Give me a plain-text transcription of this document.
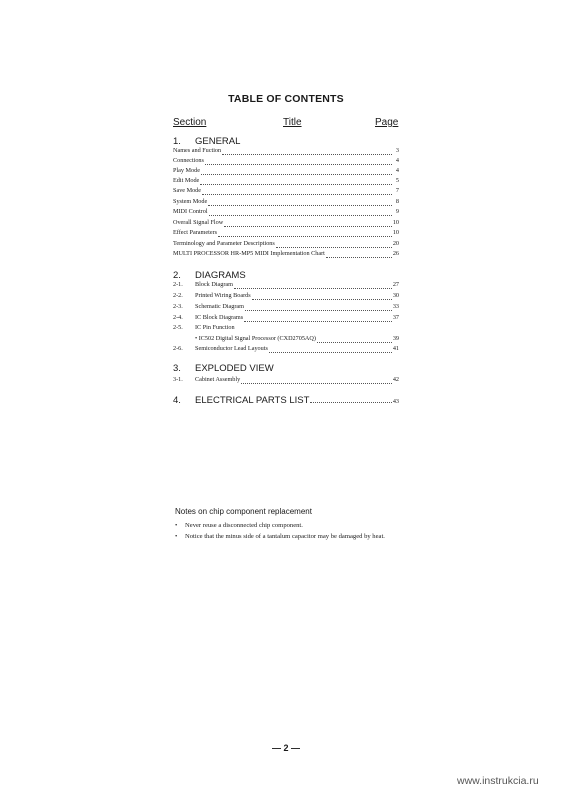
TABLE OF CONTENTS
Section	Title	Page
1. GENERAL
Names and Fuction	3
Connections	4
Play Mode	4
Edit Mode	5
Save Mode	7
System Mode	8
MIDI Control	9
Overall Signal Flow	10
Effect Parameters	10
Terminology and Parameter Descriptions	20
MULTI PROCESSOR HR-MP5 MIDI Implementation Chart	26
2. DIAGRAMS
2-1.	Block Diagram	27
2-2.	Printed Wiring Boards	30
2-3.	Schematic Diagram	33
2-4.	IC Block Diagrams	37
2-5.	IC Pin Function
• IC502 Digital Signal Processor (CXD2705AQ)	39
2-6.	Semiconductor Lead Layouts	41
3. EXPLODED VIEW
3-1.	Cabinet Assembly	42
4.	ELECTRICAL PARTS LIST	43
Notes on chip component replacement
•	Never reuse a disconnected chip component.
•	Notice that the minus side of a tantalum capacitor may be damaged by heat.
— 2 —
www.instrukcia.ru
